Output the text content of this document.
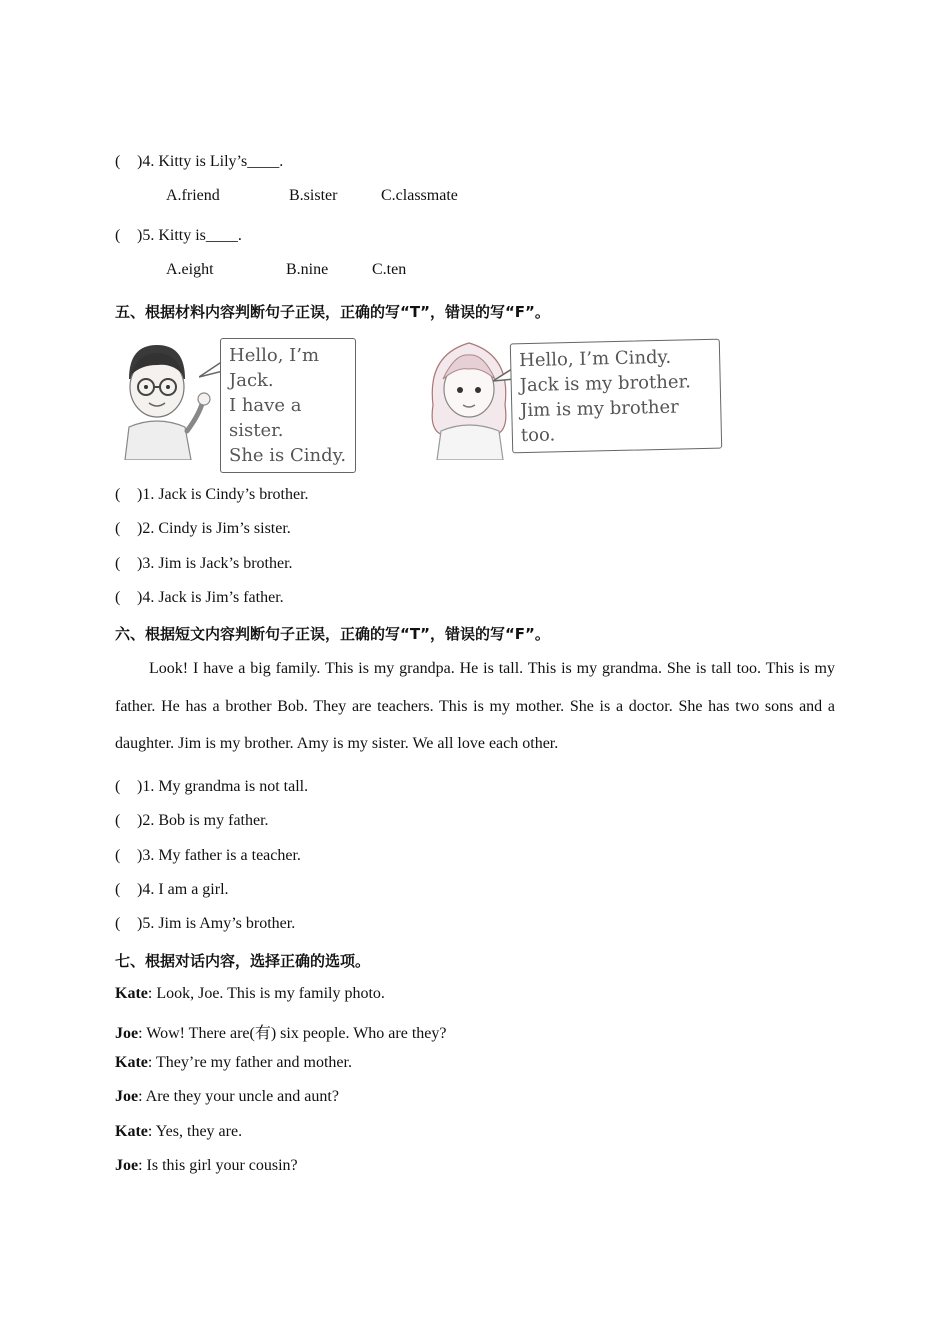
( )4. Kitty is Lily’s____.
A.friend	B.sister	C.classmate
( )5. Kitty is____.
A.eight	B.nine	C.ten
五、根据材料内容判断句子正误，正确的写“T”，错误的写“F”。
Hello, I’m Jack.
I have a sister.
She is Cindy.
Hello, I’m Cindy.
Jack is my brother.
Jim is my brother too.
( )1. Jack is Cindy’s brother.
( )2. Cindy is Jim’s sister.
( )3. Jim is Jack’s brother.
( )4. Jack is Jim’s father.
六、根据短文内容判断句子正误，正确的写“T”，错误的写“F”。
Look! I have a big family. This is my grandpa. He is tall. This is my grandma. She is tall too. This is my father. He has a brother Bob. They are teachers. This is my mother. She is a doctor. She has two sons and a daughter. Jim is my brother. Amy is my sister. We all love each other.
( )1. My grandma is not tall.
( )2. Bob is my father.
( )3. My father is a teacher.
( )4. I am a girl.
( )5. Jim is Amy’s brother.
七、根据对话内容，选择正确的选项。
Kate: Look, Joe. This is my family photo.
Joe: Wow! There are(有) six people. Who are they?
Kate: They’re my father and mother.
Joe: Are they your uncle and aunt?
Kate: Yes, they are.
Joe: Is this girl your cousin?
